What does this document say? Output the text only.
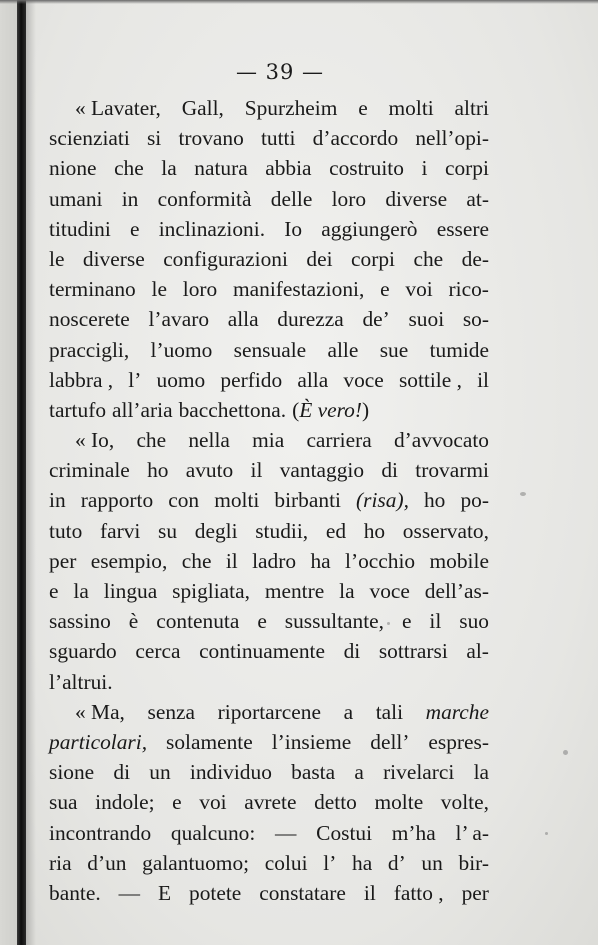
— 39 —
« Lavater, Gall, Spurzheim e molti altri
scienziati si trovano tutti d’accordo nell’opi-
nione che la natura abbia costruito i corpi
umani in conformità delle loro diverse at-
titudini e inclinazioni. Io aggiungerò essere
le diverse configurazioni dei corpi che de-
terminano le loro manifestazioni, e voi rico-
noscerete l’avaro alla durezza de’ suoi so-
praccigli, l’uomo sensuale alle sue tumide
labbra , l’ uomo perfido alla voce sottile , il
tartufo all’aria bacchettona. ( È vero! )
« Io, che nella mia carriera d’avvocato
criminale ho avuto il vantaggio di trovarmi
in rapporto con molti birbanti (risa), ho po-
tuto farvi su degli studii, ed ho osservato,
per esempio, che il ladro ha l’occhio mobile
e la lingua spigliata, mentre la voce dell’as-
sassino è contenuta e sussultante, e il suo
sguardo cerca continuamente di sottrarsi al-
l’altrui.
« Ma, senza riportarcene a tali marche
particolari, solamente l’insieme dell’ espres-
sione di un individuo basta a rivelarci la
sua indole; e voi avrete detto molte volte,
incontrando qualcuno: — Costui m’ha l’ a-
ria d’un galantuomo; colui l’ ha d’ un bir-
bante. — E potete constatare il fatto , per
